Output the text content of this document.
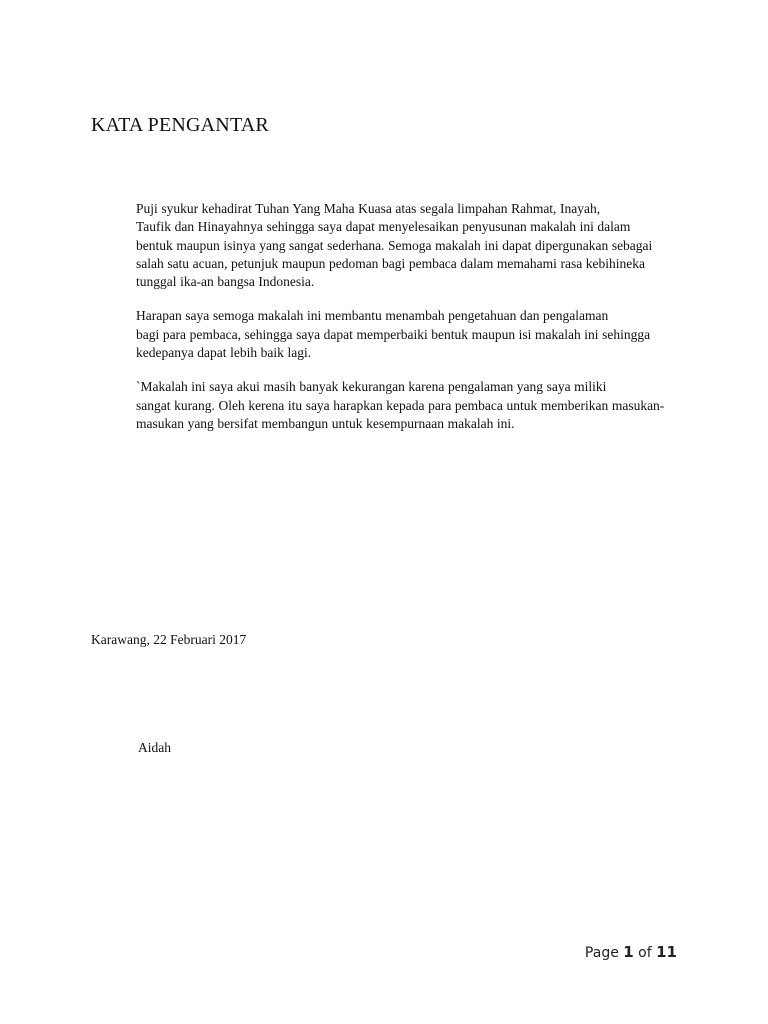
KATA PENGANTAR

Puji syukur kehadirat Tuhan Yang Maha Kuasa atas segala limpahan Rahmat, Inayah,
Taufik dan Hinayahnya sehingga saya dapat menyelesaikan penyusunan makalah ini dalam
bentuk maupun isinya yang sangat sederhana. Semoga makalah ini dapat dipergunakan sebagai
salah satu acuan, petunjuk maupun pedoman bagi pembaca dalam memahami rasa kebihineka
tunggal ika-an bangsa Indonesia.

Harapan saya semoga makalah ini membantu menambah pengetahuan dan pengalaman
bagi para pembaca, sehingga saya dapat memperbaiki bentuk maupun isi makalah ini sehingga
kedepanya dapat lebih baik lagi.

`Makalah ini saya akui masih banyak kekurangan karena pengalaman yang saya miliki
sangat kurang. Oleh kerena itu saya harapkan kepada para pembaca untuk memberikan masukan-
masukan yang bersifat membangun untuk kesempurnaan makalah ini.

Karawang, 22 Februari 2017
Aidah
Page 1 of 11
